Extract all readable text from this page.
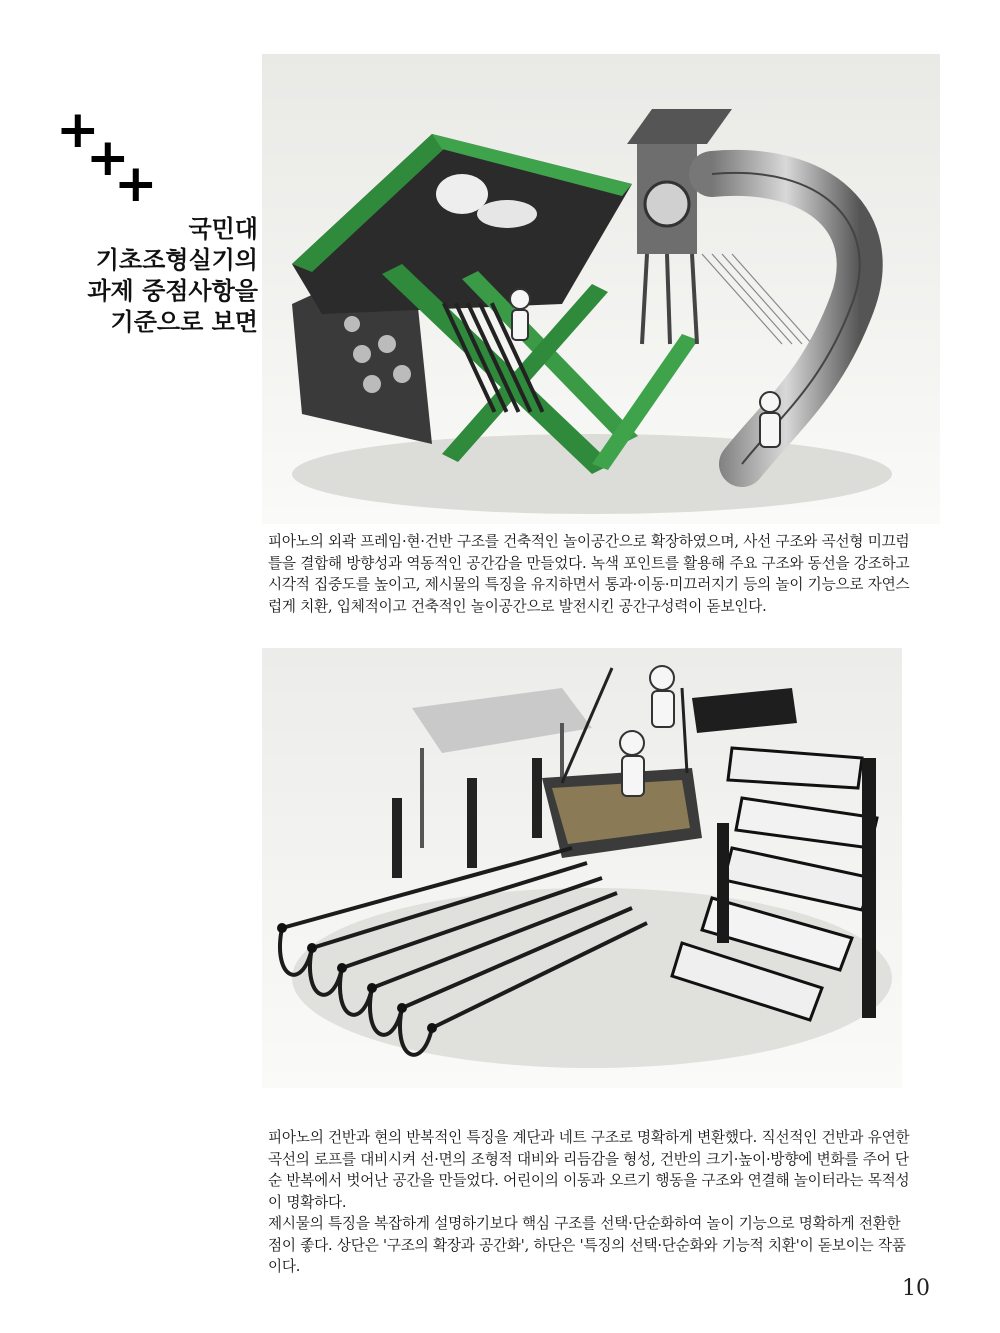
+
+
+
국민대
기초조형실기의
과제 중점사항을
기준으로 보면

피아노의 외곽 프레임·현·건반 구조를 건축적인 놀이공간으로 확장하였으며, 사선 구조와 곡선형 미끄럼틀을 결합해 방향성과 역동적인 공간감을 만들었다. 녹색 포인트를 활용해 주요 구조와 동선을 강조하고 시각적 집중도를 높이고, 제시물의 특징을 유지하면서 통과·이동·미끄러지기 등의 놀이 기능으로 자연스럽게 치환, 입체적이고 건축적인 놀이공간으로 발전시킨 공간구성력이 돋보인다.

피아노의 건반과 현의 반복적인 특징을 계단과 네트 구조로 명확하게 변환했다. 직선적인 건반과 유연한 곡선의 로프를 대비시켜 선·면의 조형적 대비와 리듬감을 형성, 건반의 크기·높이·방향에 변화를 주어 단순 반복에서 벗어난 공간을 만들었다. 어린이의 이동과 오르기 행동을 구조와 연결해 놀이터라는 목적성이 명확하다.

제시물의 특징을 복잡하게 설명하기보다 핵심 구조를 선택·단순화하여 놀이 기능으로 명확하게 전환한 점이 좋다. 상단은 '구조의 확장과 공간화', 하단은 '특징의 선택·단순화와 기능적 치환'이 돋보이는 작품이다.

10
